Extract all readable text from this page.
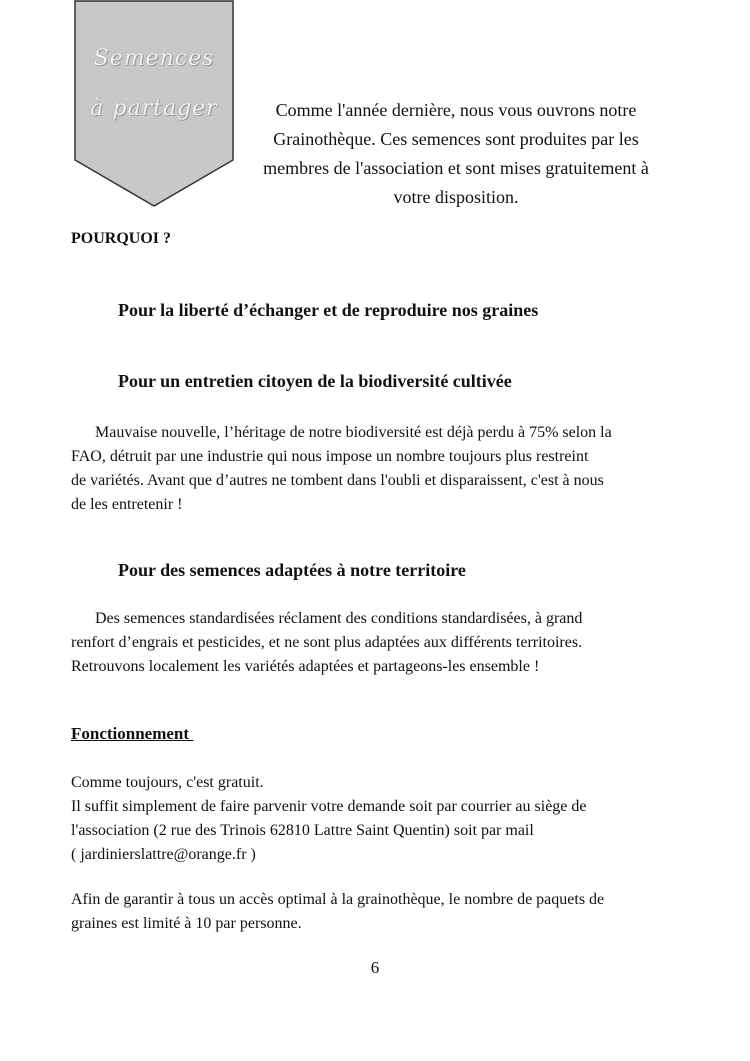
Semences
à partager	Comme l'année dernière, nous vous ouvrons notre
Grainothèque. Ces semences sont produites par les
membres de l'association et sont mises gratuitement à
votre disposition.
POURQUOI ?
Pour la liberté d’échanger et de reproduire nos graines
Pour un entretien citoyen de la biodiversité cultivée

Mauvaise nouvelle, l’héritage de notre biodiversité est déjà perdu à 75% selon la
FAO, détruit par une industrie qui nous impose un nombre toujours plus restreint
de variétés. Avant que d’autres ne tombent dans l'oubli et disparaissent, c'est à nous
de les entretenir !

Pour des semences adaptées à notre territoire

Des semences standardisées réclament des conditions standardisées, à grand
renfort d’engrais et pesticides, et ne sont plus adaptées aux différents territoires.
Retrouvons localement les variétés adaptées et partageons-les ensemble !

Fonctionnement

Comme toujours, c'est gratuit.
Il suffit simplement de faire parvenir votre demande soit par courrier au siège de
l'association (2 rue des Trinois 62810 Lattre Saint Quentin) soit par mail
( jardinierslattre@orange.fr )

Afin de garantir à tous un accès optimal à la grainothèque, le nombre de paquets de
graines est limité à 10 par personne.

6
